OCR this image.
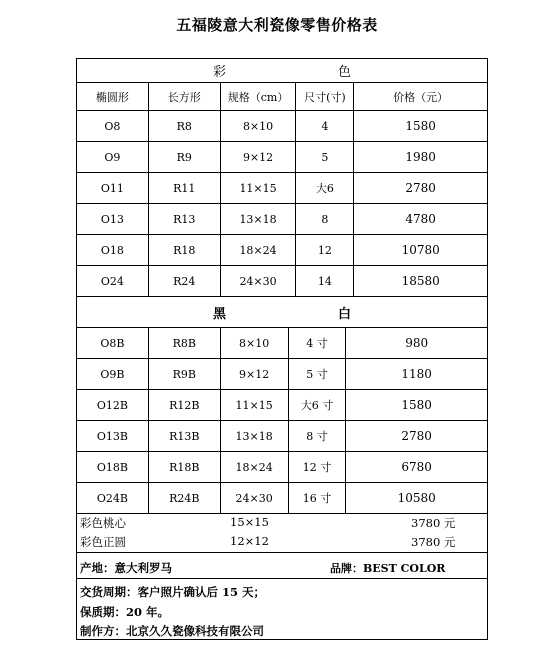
五福陵意大利瓷像零售价格表
彩 色				

椭圆形	长方形	规格（cm）	尺寸(寸)	价格（元）
O8	R8	8×10	4	1580
O9	R9	9×12	5	1980
O11	R11	11×15	大6	2780
O13	R13	13×18	8	4780
O18	R18	18×24	12	10780
O24	R24	24×30	14	18580
黑 白				

O8B	R8B	8×10	4 寸	980
O9B	R9B	9×12	5 寸	1180
O12B	R12B	11×15	大6 寸	1580
O13B	R13B	13×18	8 寸	2780
O18B	R18B	18×24	12 寸	6780
O24B	R24B	24×30	16 寸	10580
彩色桃心	15×15	3780 元
彩色正圆	12×12	3780 元
产地：意大利罗马	品牌：BEST COLOR
交货周期：客户照片确认后 15 天；
保质期：20 年。
制作方：北京久久瓷像科技有限公司
